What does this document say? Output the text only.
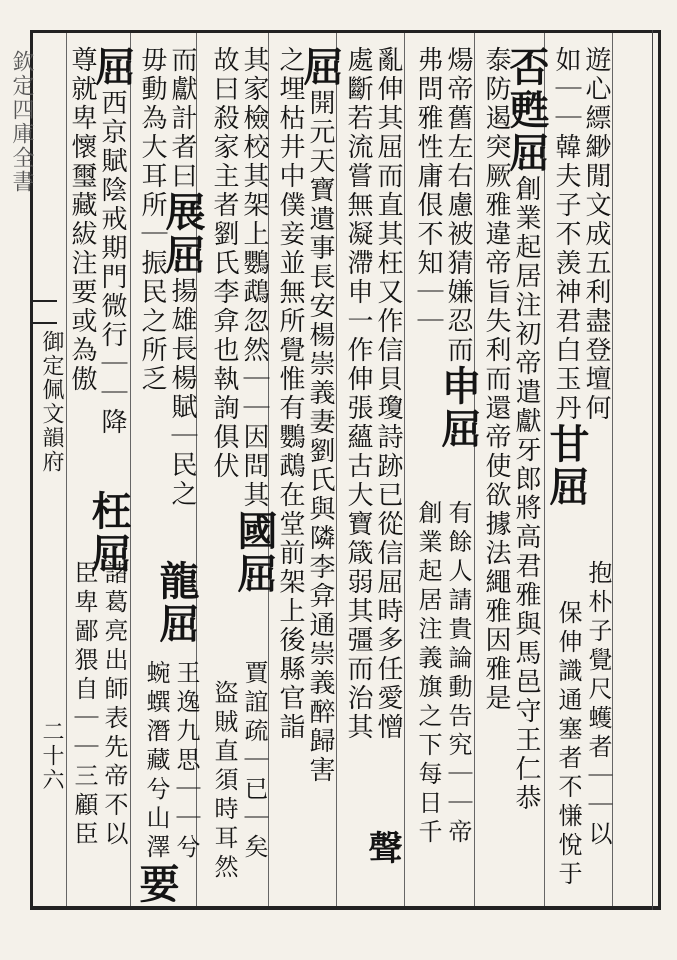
欽定四庫全書
御定佩文韻府
二十六
遊心縹緲閒文成五利盡登壇何
如｜｜韓夫子不羡神君白玉丹甘屈
抱朴子覺尺蠖者｜｜以
保伸識通塞者不慊悅于
否甦屈創業起居注初帝遣獻牙郎將高君雅與馬邑守王仁恭
泰防遏突厥雅違帝旨失利而還帝使欲據法繩雅因雅是
煬帝舊左右慮被猜嫌忍而申屈
弗問雅性庸佷不知｜｜
有餘人請貴論動告究｜｜帝
創業起居注義旗之下每日千
亂伸其屈而直其枉又作信貝瓊詩跡已從信屈時多任愛憎
處斷若流嘗無凝滯申一作伸張蘊古大寶箴弱其彊而治其
聲
屈開元天寶遺事長安楊崇義妻劉氏與隣李弇通崇義醉歸害
之埋枯井中僕妾並無所覺惟有鸚鵡在堂前架上後縣官詣
其家檢校其架上鸚鵡忽然｜｜因問其國屈
故曰殺家主者劉氏李弇也執詢俱伏
賈誼疏｜已｜矣
盜賊直須時耳然
而獻計者曰展屈揚雄長楊賦｜民之
毋動為大耳所｜振民之所乏
龍屈
王逸九思｜｜兮
蜿蟤潛藏兮山澤要
屈西京賦陰戒期門微行｜｜降
尊就卑懷璽藏紱注要或為傲
枉屈
諸葛亮出師表先帝不以
臣卑鄙猥自｜｜三顧臣
